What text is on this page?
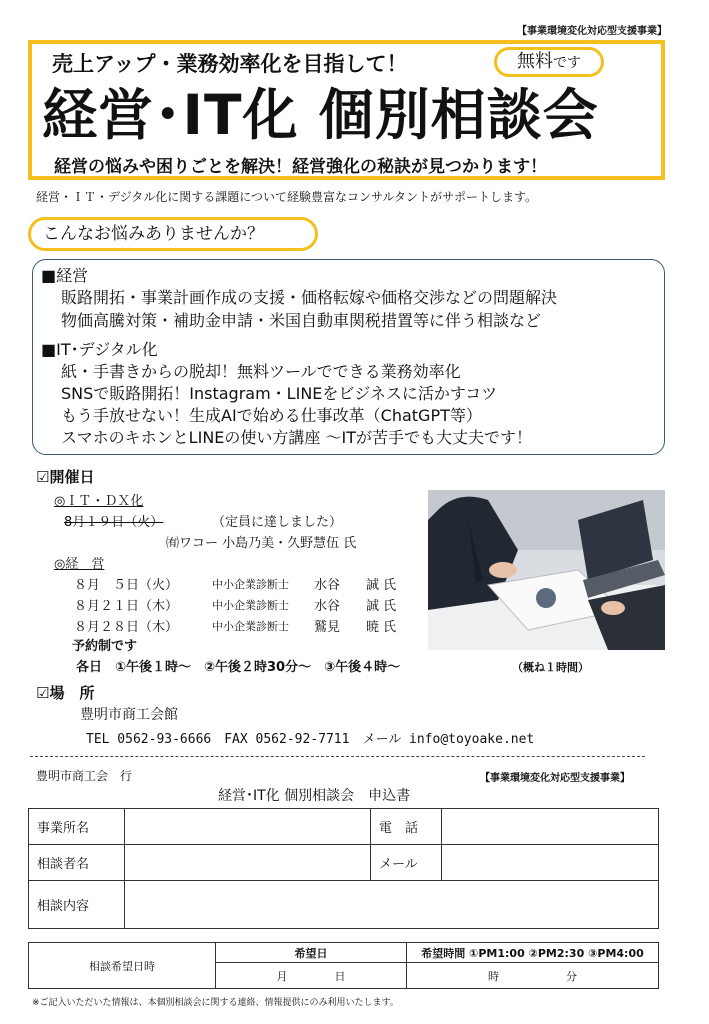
【事業環境変化対応型支援事業】
売上アップ・業務効率化を目指して！	無料です
経営･IT化 個別相談会
経営の悩みや困りごとを解決！経営強化の秘訣が見つかります！
経営・ＩＴ・デジタル化に関する課題について経験豊富なコンサルタントがサポートします。
こんなお悩みありませんか？
■経営
販路開拓・事業計画作成の支援・価格転嫁や価格交渉などの問題解決
物価高騰対策・補助金申請・米国自動車関税措置等に伴う相談など
■IT･デジタル化
紙・手書きからの脱却！無料ツールでできる業務効率化
SNSで販路開拓！Instagram・LINEをビジネスに活かすコツ
もう手放せない！生成AIで始める仕事改革（ChatGPT等）
スマホのキホンとLINEの使い方講座 ～ITが苦手でも大丈夫です！
☑開催日
◎ＩＴ・ＤＸ化
8月１９日（火）	（定員に達しました）
㈲ワコー 小島乃美・久野慧伍 氏
◎経　営
８月　５日（火）	中小企業診断士 水谷　　誠 氏
８月２１日（木）	中小企業診断士 水谷　　誠 氏
８月２８日（木）	中小企業診断士 鷲見　　暁 氏
予約制です
各日　①午後１時～　②午後２時30分～　③午後４時～	（概ね１時間）
☑場　所
豊明市商工会館
TEL 0562-93-6666　FAX 0562-92-7711　メール info@toyoake.net
豊明市商工会　行	【事業環境変化対応型支援事業】
経営･IT化 個別相談会　申込書
事業所名		電　話	
相談者名		メール	
相談内容			
相談希望日時	希望日	希望時間 ①PM1:00 ②PM2:30 ③PM4:00
	月 日	時 分
※ご記入いただいた情報は、本個別相談会に関する連絡、情報提供にのみ利用いたします。
